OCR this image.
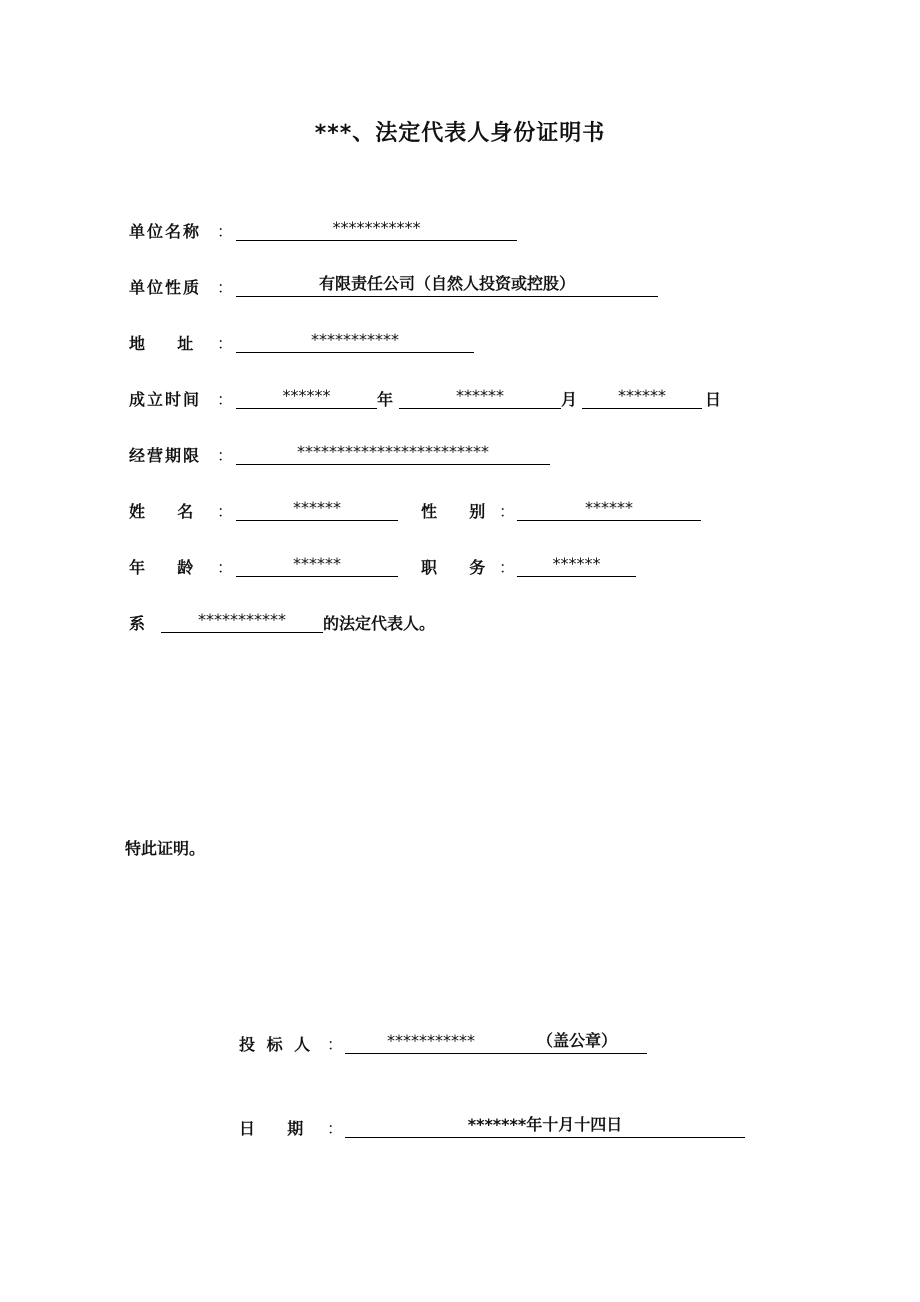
***、法定代表人身份证明书
单位名称 ：	***********
单位性质 ：	有限责任公司（自然人投资或控股）
地    址 ：	***********
成立时间 ：	******	年	******	月	******	日
经营期限 ：	************************
姓    名 ：	******	性    别 ：	******
年    龄 ：	******	职    务 ：	******
系	***********	的法定代表人。
特此证明。
投 标 人 ：	***********	（盖公章）
日    期 ：	*******年十月十四日
